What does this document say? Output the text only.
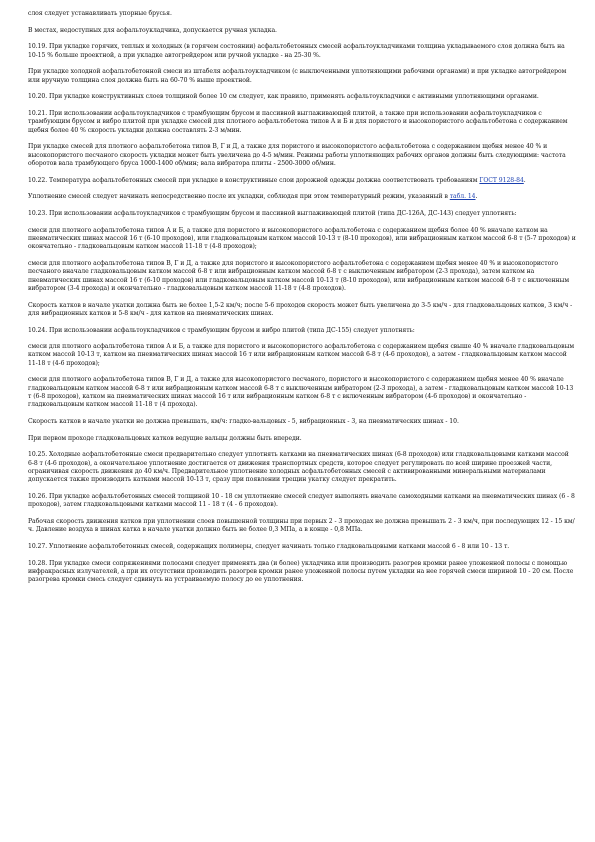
слоя следует устанавливать упорные брусья.

В местах, недоступных для асфальтоукладчика, допускается ручная укладка.

10.19. При укладке горячих, теплых и холодных (в горячем состоянии) асфальтобетонных смесей асфальтоукладчиками толщина укладываемого слоя должна быть на 10-15 % больше проектной, а при укладке автогрейдером или ручной укладке - на 25-30 %.

При укладке холодной асфальтобетонной смеси из штабеля асфальтоукладчиком (с выключенными уплотняющими рабочими органами) и при укладке автогрейдером или вручную толщина слоя должна быть на 60-70 % выше проектной.

10.20. При укладке конструктивных слоев толщиной более 10 см следует, как правило, применять асфальтоукладчики с активными уплотняющими органами.

10.21. При использовании асфальтоукладчиков с трамбующим брусом и пассивной выглаживающей плитой, а также при использовании асфальтоукладчиков с трамбующим брусом и вибро плитой при укладке смесей для плотного асфальтобетона типов А и Б и для пористого и высокопористого асфальтобетона с содержанием щебня более 40 % скорость укладки должна составлять 2-3 м/мин.

При укладке смесей для плотного асфальтобетона типов В, Г и Д, а также для пористого и высокопористого асфальтобетона с содержанием щебня менее 40 % и высокопористого песчаного скорость укладки может быть увеличена до 4-5 м/мин. Режимы работы уплотняющих рабочих органов должны быть следующими: частота оборотов вала трамбующего бруса 1000-1400 об/мин; вала вибратора плиты - 2500-3000 об/мин.

10.22. Температура асфальтобетонных смесей при укладке в конструктивные слои дорожной одежды должна соответствовать требованиям ГОСТ 9128-84.

Уплотнение смесей следует начинать непосредственно после их укладки, соблюдая при этом температурный режим, указанный в табл. 14.

10.23. При использовании асфальтоукладчиков с трамбующим брусом и пассивной выглаживающей плитой (типа ДС-126А, ДС-143) следует уплотнять:

смеси для плотного асфальтобетона типов А и Б, а также для пористого и высокопористого асфальтобетона с содержанием щебня более 40 % вначале катком на пневматических шинах массой 16 т (6-10 проходов), или гладковальцовым катком массой 10-13 т (8-10 проходов), или вибрационным катком массой 6-8 т (5-7 проходов) и окончательно - гладковальцовым катком массой 11-18 т (4-8 проходов);

смеси для плотного асфальтобетона типов В, Г и Д, а также для пористого и высокопористого асфальтобетона с содержанием щебня менее 40 % и высокопористого песчаного вначале гладковальцовым катком массой 6-8 т или вибрационным катком массой 6-8 т с выключенным вибратором (2-3 прохода), затем катком на пневматических шинах массой 16 т (6-10 проходов) или гладковальцовым катком массой 10-13 т (8-10 проходов), или вибрационным катком массой 6-8 т с включенным вибратором (3-4 прохода) и окончательно - гладковальцовым катком массой 11-18 т (4-8 проходов).

Скорость катков в начале укатки должна быть не более 1,5-2 км/ч; после 5-6 проходов скорость может быть увеличена до 3-5 км/ч - для гладковальцовых катков, 3 км/ч - для вибрационных катков и 5-8 км/ч - для катков на пневматических шинах.

10.24. При использовании асфальтоукладчиков с трамбующим брусом и вибро плитой (типа ДС-155) следует уплотнять:

смеси для плотного асфальтобетона типов А и Б, а также для пористого и высокопористого асфальтобетона с содержанием щебня свыше 40 % вначале гладковальцовым катком массой 10-13 т, катком на пневматических шинах массой 16 т или вибрационным катком массой 6-8 т (4-6 проходов), а затем - гладковальцовым катком массой 11-18 т (4-6 проходов);

смеси для плотного асфальтобетона типов В, Г и Д, а также для высокопористого песчаного, пористого и высокопористого с содержанием щебня менее 40 % вначале гладковальцовым катком массой 6-8 т или вибрационным катком массой 6-8 т с выключенным вибратором (2-3 прохода), а затем - гладковальцовым катком массой 10-13 т (6-8 проходов), катком на пневматических шинах массой 16 т или вибрационным катком 6-8 т с включенным вибратором (4-6 проходов) и окончательно - гладковальцовым катком массой 11-18 т (4 прохода).

Скорость катков в начале укатки не должна превышать, км/ч: гладко-вальцовых - 5, вибрационных - 3, на пневматических шинах - 10.

При первом проходе гладковальцовых катков ведущие вальцы должны быть впереди.

10.25. Холодные асфальтобетонные смеси предварительно следует уплотнять катками на пневматических шинах (6-8 проходов) или гладковальцовыми катками массой 6-8 т (4-6 проходов), а окончательное уплотнение достигается от движения транспортных средств, которое следует регулировать по всей ширине проезжей части, ограничивая скорость движения до 40 км/ч. Предварительное уплотнение холодных асфальтобетонных смесей с активированными минеральными материалами допускается также производить катками массой 10-13 т, сразу при появлении трещин укатку следует прекратить.

10.26. При укладке асфальтобетонных смесей толщиной 10 - 18 см уплотнение смесей следует выполнять вначале самоходными катками на пневматических шинах (6 - 8 проходов), затем гладковальцовыми катками массой 11 - 18 т (4 - 6 проходов).

Рабочая скорость движения катков при уплотнении слоев повышенной толщины при первых 2 - 3 проходах не должна превышать 2 - 3 км/ч, при последующих 12 - 15 км/ч. Давление воздуха в шинах катка в начале укатки должно быть не более 0,3 МПа, а в конце - 0,8 МПа.

10.27. Уплотнение асфальтобетонных смесей, содержащих полимеры, следует начинать только гладковальцовыми катками массой 6 - 8 или 10 - 13 т.

10.28. При укладке смеси сопряжениями полосами следует применять два (и более) укладчика или производить разогрев кромки ранее уложенной полосы с помощью инфракрасных излучателей, а при их отсутствии производить разогрев кромки ранее уложенной полосы путем укладки на нее горячей смеси шириной 10 - 20 см. После разогрева кромки смесь следует сдвинуть на устраиваемую полосу до ее уплотнения.
